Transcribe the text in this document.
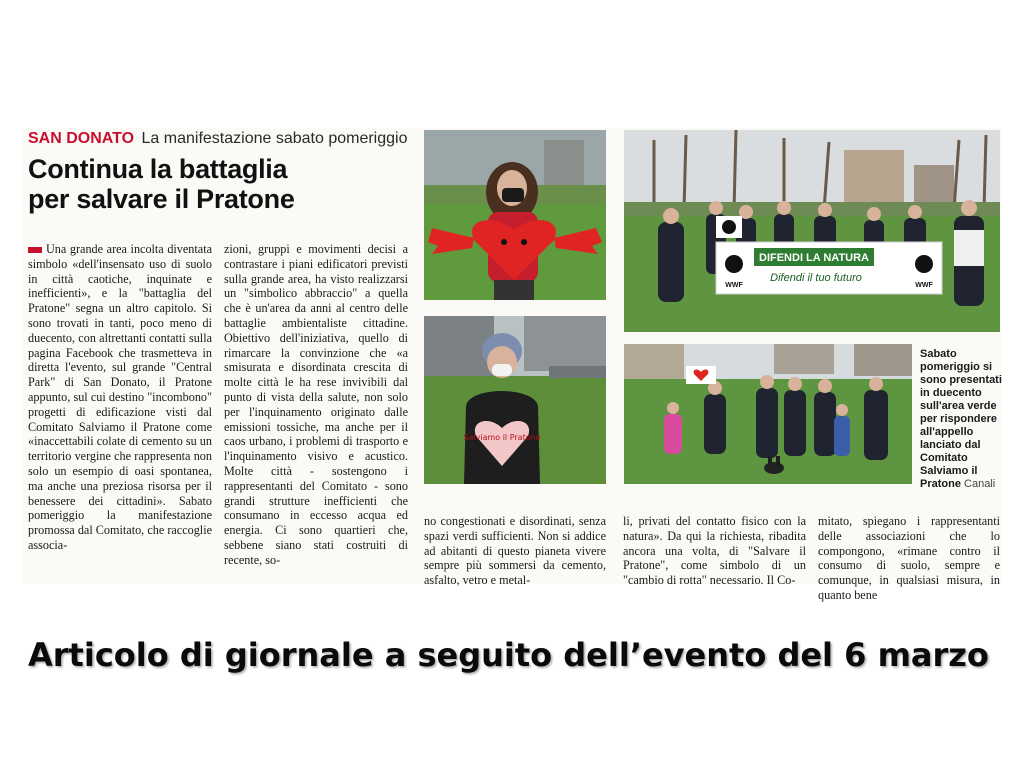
SAN DONATO La manifestazione sabato pomeriggio
Continua la battaglia
per salvare il Pratone
Una grande area incolta diventata simbolo «dell'insensato uso di suolo in città caotiche, inquinate e inefficienti», e la "battaglia del Pratone" segna un altro capitolo. Si sono trovati in tanti, poco meno di duecento, con altrettanti contatti sulla pagina Facebook che trasmetteva in diretta l'evento, sul grande "Central Park" di San Donato, il Pratone appunto, sul cui destino "incombono" progetti di edificazione visti dal Comitato Salviamo il Pratone come «inaccettabili colate di cemento su un territorio vergine che rappresenta non solo un esempio di oasi spontanea, ma anche una preziosa risorsa per il benessere dei cittadini». Sabato pomeriggio la manifestazione promossa dal Comitato, che raccoglie associa-
zioni, gruppi e movimenti decisi a contrastare i piani edificatori previsti sulla grande area, ha visto realizzarsi un "simbolico abbraccio" a quella che è un'area da anni al centro delle battaglie ambientaliste cittadine. Obiettivo dell'iniziativa, quello di rimarcare la convinzione che «a smisurata e disordinata crescita di molte città le ha rese invivibili dal punto di vista della salute, non solo per l'inquinamento originato dalle emissioni tossiche, ma anche per il caos urbano, i problemi di trasporto e l'inquinamento visivo e acustico. Molte città - sostengono i rappresentanti del Comitato - sono grandi strutture inefficienti che consumano in eccesso acqua ed energia. Ci sono quartieri che, sebbene siano stati costruiti di recente, so-
no congestionati e disordinati, senza spazi verdi sufficienti. Non si addice ad abitanti di questo pianeta vivere sempre più sommersi da cemento, asfalto, vetro e metal-
li, privati del contatto fisico con la natura». Da qui la richiesta, ribadita ancora una volta, di "Salvare il Pratone", come simbolo di un "cambio di rotta" necessario. Il Co-
mitato, spiegano i rappresentanti delle associazioni che lo compongono, «rimane contro il consumo di suolo, sempre e comunque, in qualsiasi misura, in quanto bene
Salviamo il Pratone
DIFENDI LA NATURA
Difendi il tuo futuro
WWF	WWF
Sabato pomeriggio si sono presentati in duecento sull'area verde per rispondere all'appello lanciato dal Comitato Salviamo il Pratone Canali
Articolo di giornale a seguito dell’evento del 6 marzo
